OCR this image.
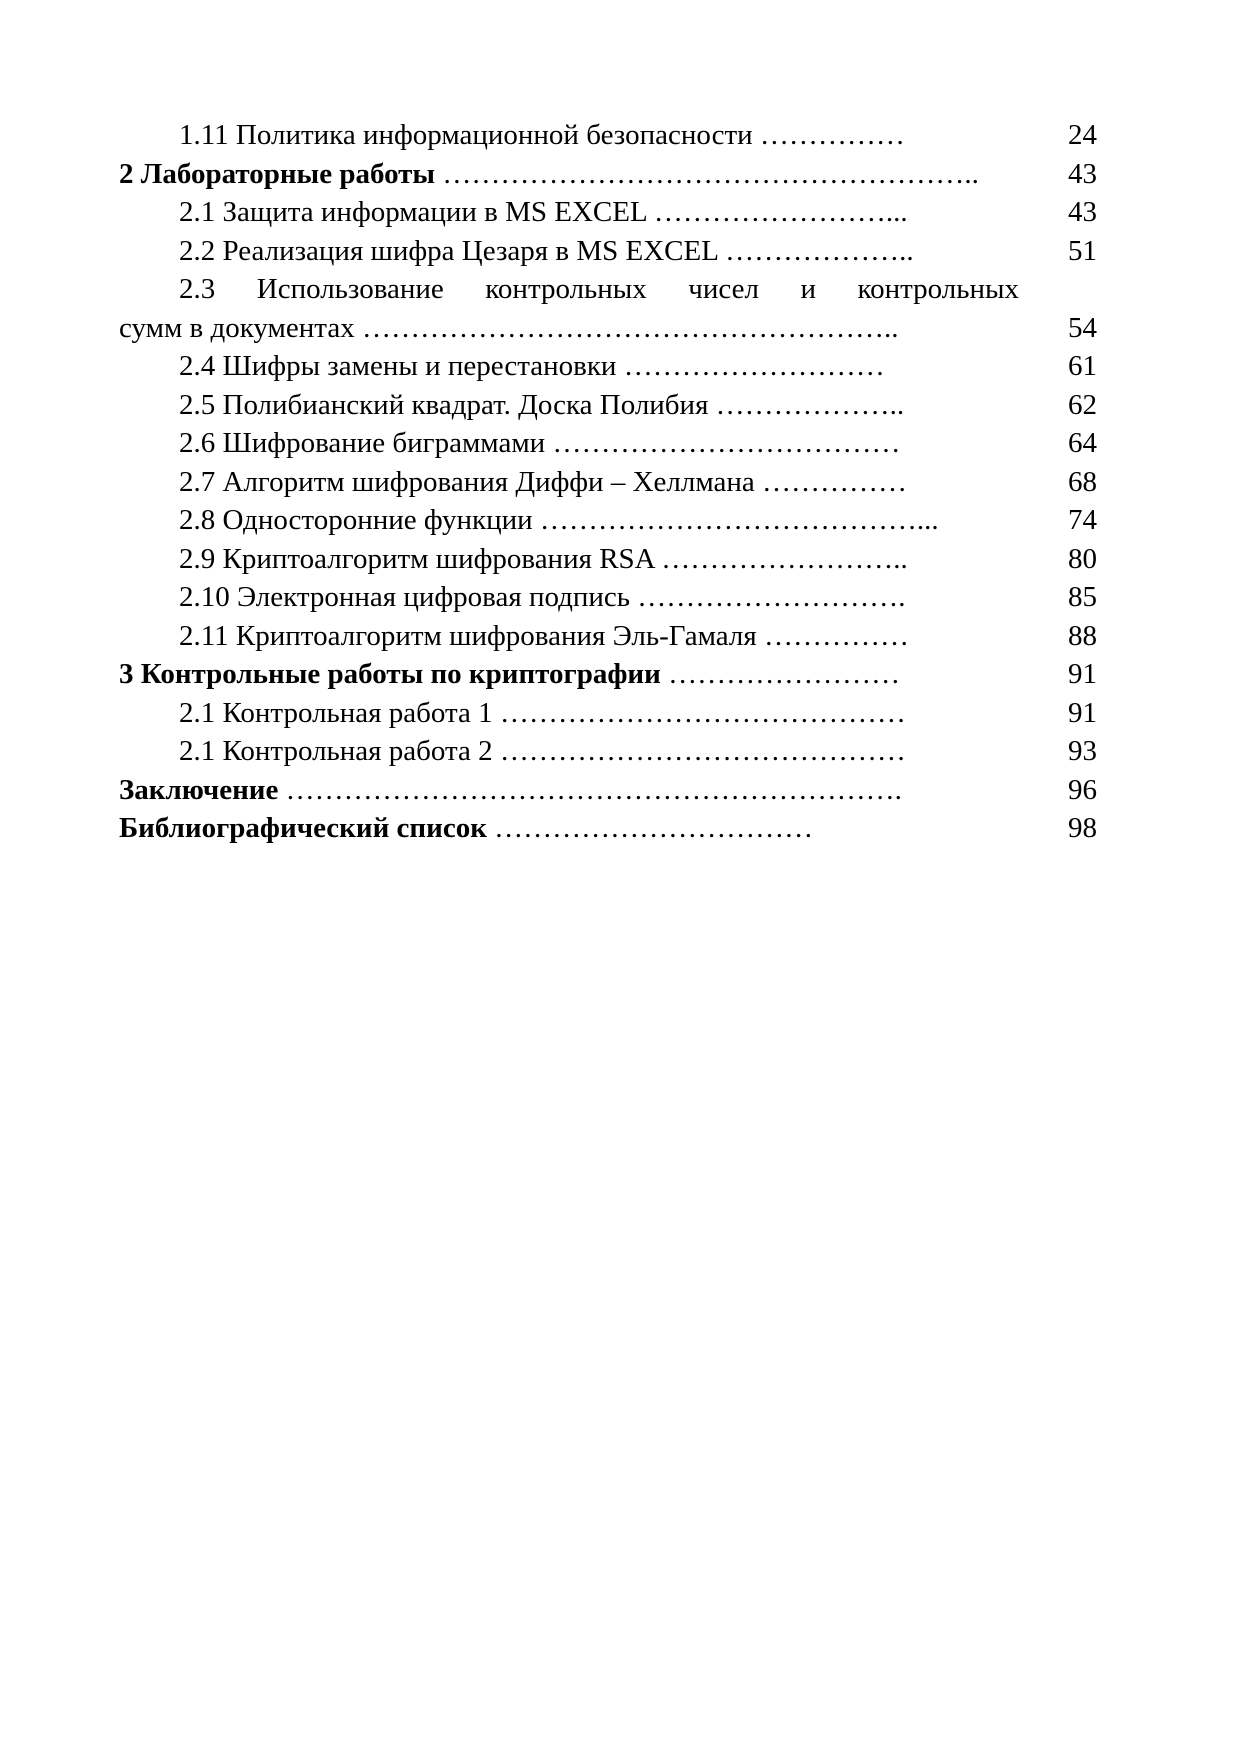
1.11 Политика информационной безопасности ……………	24
2 Лабораторные работы ………………………………………………..	43
2.1 Защита информации в MS EXCEL ……………………...	43
2.2 Реализация шифра Цезаря в MS EXCEL ………………..	51
2.3 Использование контрольных чисел и контрольных
сумм в документах ………………………………………………..	54
2.4 Шифры замены и перестановки ………………………	61
2.5 Полибианский квадрат. Доска Полибия ………………..	62
2.6 Шифрование биграммами ………………………………	64
2.7 Алгоритм шифрования Диффи – Хеллмана ……………	68
2.8 Односторонние функции …………………………………...	74
2.9 Криптоалгоритм шифрования RSA ……………………..	80
2.10 Электронная цифровая подпись ……………………….	85
2.11 Криптоалгоритм шифрования Эль-Гамаля ……………	88
3 Контрольные работы по криптографии ……………………	91
2.1 Контрольная работа 1 ……………………………………	91
2.1 Контрольная работа 2 ……………………………………	93
Заключение ……………………………………………………….	96
Библиографический список ……………………………	98
